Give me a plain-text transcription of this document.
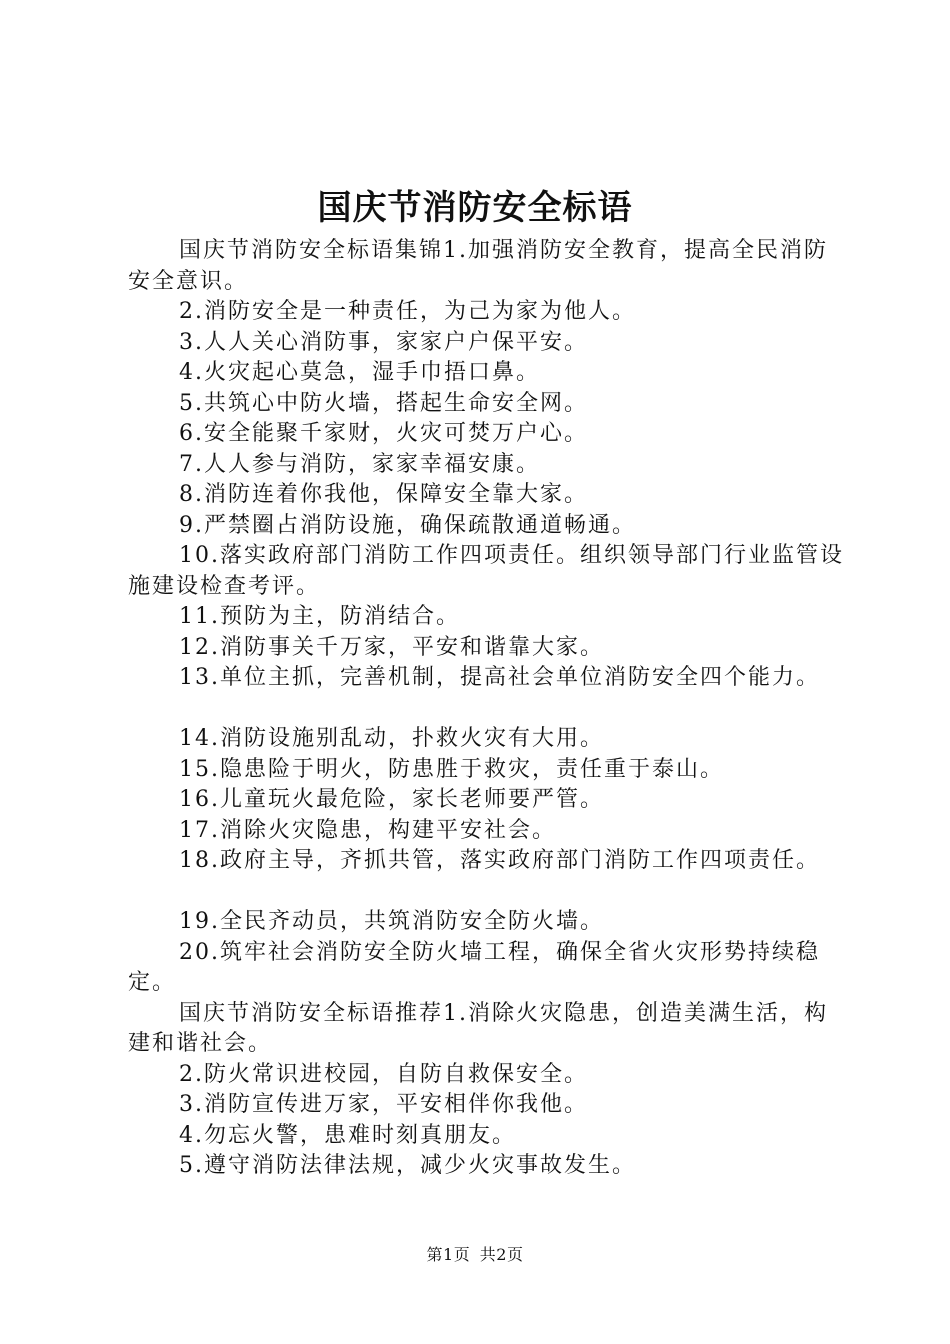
国庆节消防安全标语

国庆节消防安全标语集锦1.加强消防安全教育，提高全民消防安全意识。

2.消防安全是一种责任，为己为家为他人。

3.人人关心消防事，家家户户保平安。

4.火灾起心莫急，湿手巾捂口鼻。

5.共筑心中防火墙，搭起生命安全网。

6.安全能聚千家财，火灾可焚万户心。

7.人人参与消防，家家幸福安康。

8.消防连着你我他，保障安全靠大家。

9.严禁圈占消防设施，确保疏散通道畅通。

10.落实政府部门消防工作四项责任。组织领导部门行业监管设施建设检查考评。

11.预防为主，防消结合。

12.消防事关千万家，平安和谐靠大家。

13.单位主抓，完善机制，提高社会单位消防安全四个能力。

14.消防设施别乱动，扑救火灾有大用。

15.隐患险于明火，防患胜于救灾，责任重于泰山。

16.儿童玩火最危险，家长老师要严管。

17.消除火灾隐患，构建平安社会。

18.政府主导，齐抓共管，落实政府部门消防工作四项责任。

19.全民齐动员，共筑消防安全防火墙。

20.筑牢社会消防安全防火墙工程，确保全省火灾形势持续稳定。

国庆节消防安全标语推荐1.消除火灾隐患，创造美满生活，构建和谐社会。

2.防火常识进校园，自防自救保安全。

3.消防宣传进万家，平安相伴你我他。

4.勿忘火警，患难时刻真朋友。

5.遵守消防法律法规，减少火灾事故发生。

第1页 共2页
